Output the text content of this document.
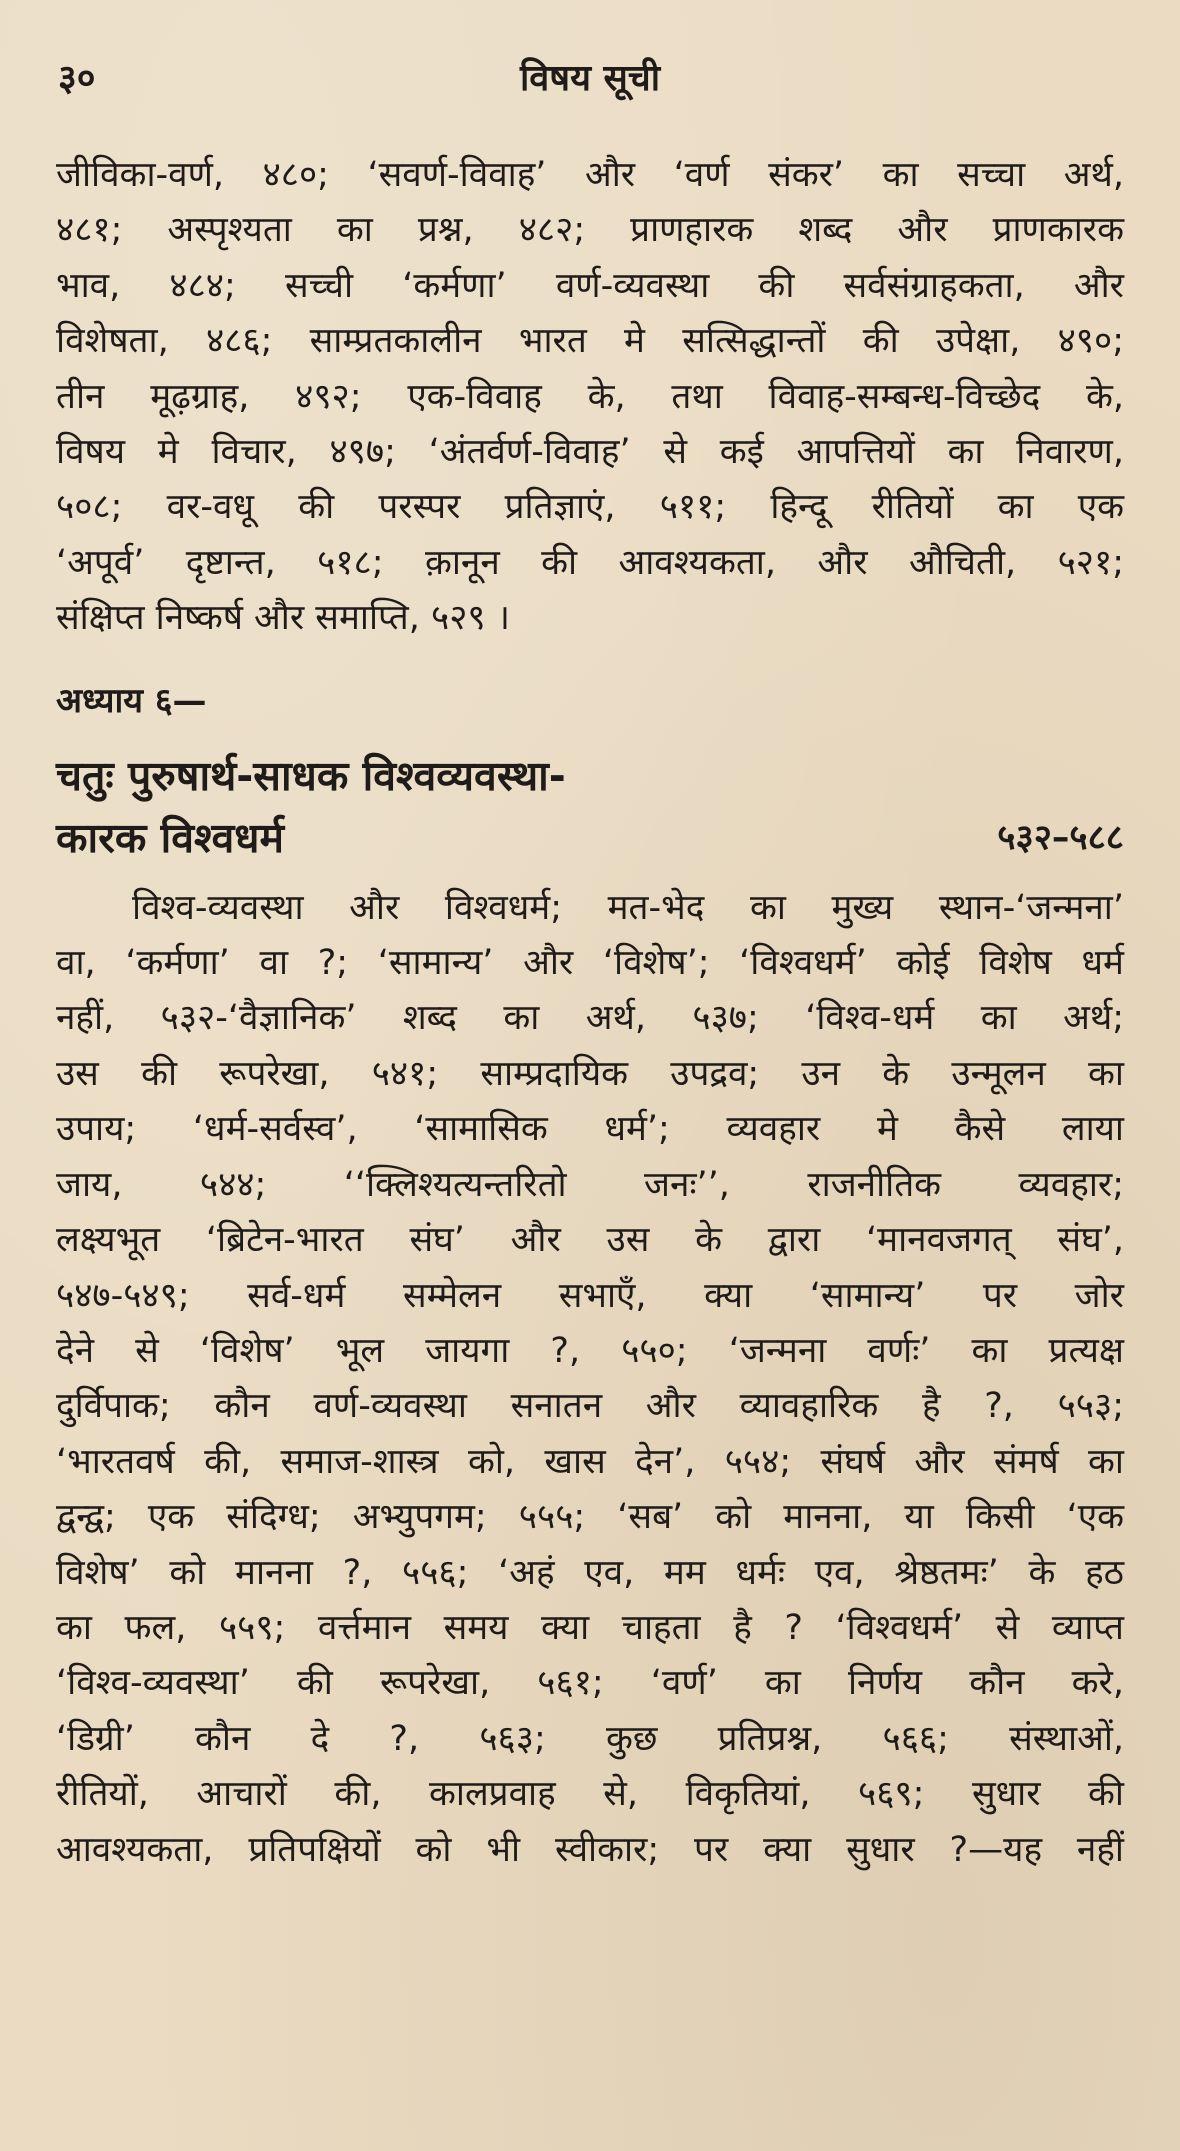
३०	विषय सूची
जीविका-वर्ण, ४८०; ‘सवर्ण-विवाह’ और ‘वर्ण संकर’ का सच्चा अर्थ,
४८१; अस्पृश्यता का प्रश्न, ४८२; प्राणहारक शब्द और प्राणकारक
भाव, ४८४; सच्ची ‘कर्मणा’ वर्ण-व्यवस्था की सर्वसंग्राहकता, और
विशेषता, ४८६; साम्प्रतकालीन भारत मे सत्सिद्धान्तों की उपेक्षा, ४९०;
तीन मूढ़ग्राह, ४९२; एक-विवाह के, तथा विवाह-सम्बन्ध-विच्छेद के,
विषय मे विचार, ४९७; ‘अंतर्वर्ण-विवाह’ से कई आपत्तियों का निवारण,
५०८; वर-वधू की परस्पर प्रतिज्ञाएं, ५११; हिन्दू रीतियों का एक
‘अपूर्व’ दृष्टान्त, ५१८; क़ानून की आवश्यकता, और औचिती, ५२१;
संक्षिप्त निष्कर्ष और समाप्ति, ५२९ ।
अध्याय ६—
चतुः पुरुषार्थ-साधक विश्वव्यवस्था-
कारक विश्वधर्म	५३२–५८८
विश्व-व्यवस्था और विश्वधर्म; मत-भेद का मुख्य स्थान-‘जन्मना’
वा, ‘कर्मणा’ वा ?; ‘सामान्य’ और ‘विशेष’; ‘विश्वधर्म’ कोई विशेष धर्म
नहीं, ५३२-‘वैज्ञानिक’ शब्द का अर्थ, ५३७; ‘विश्व-धर्म का अर्थ;
उस की रूपरेखा, ५४१; साम्प्रदायिक उपद्रव; उन के उन्मूलन का
उपाय; ‘धर्म-सर्वस्व’, ‘सामासिक धर्म’; व्यवहार मे कैसे लाया
जाय, ५४४; ‘‘क्लिश्यत्यन्तरितो जनः’’, राजनीतिक व्यवहार;
लक्ष्यभूत ‘ब्रिटेन-भारत संघ’ और उस के द्वारा ‘मानवजगत् संघ’,
५४७-५४९; सर्व-धर्म सम्मेलन सभाएँ, क्या ‘सामान्य’ पर जोर
देने से ‘विशेष’ भूल जायगा ?, ५५०; ‘जन्मना वर्णः’ का प्रत्यक्ष
दुर्विपाक; कौन वर्ण-व्यवस्था सनातन और व्यावहारिक है ?, ५५३;
‘भारतवर्ष की, समाज-शास्त्र को, खास देन’, ५५४; संघर्ष और संमर्ष का
द्वन्द्व; एक संदिग्ध; अभ्युपगम; ५५५; ‘सब’ को मानना, या किसी ‘एक
विशेष’ को मानना ?, ५५६; ‘अहं एव, मम धर्मः एव, श्रेष्ठतमः’ के हठ
का फल, ५५९; वर्त्तमान समय क्या चाहता है ? ‘विश्वधर्म’ से व्याप्त
‘विश्व-व्यवस्था’ की रूपरेखा, ५६१; ‘वर्ण’ का निर्णय कौन करे,
‘डिग्री’ कौन दे ?, ५६३; कुछ प्रतिप्रश्न, ५६६; संस्थाओं,
रीतियों, आचारों की, कालप्रवाह से, विकृतियां, ५६९; सुधार की
आवश्यकता, प्रतिपक्षियों को भी स्वीकार; पर क्या सुधार ?—यह नहीं
